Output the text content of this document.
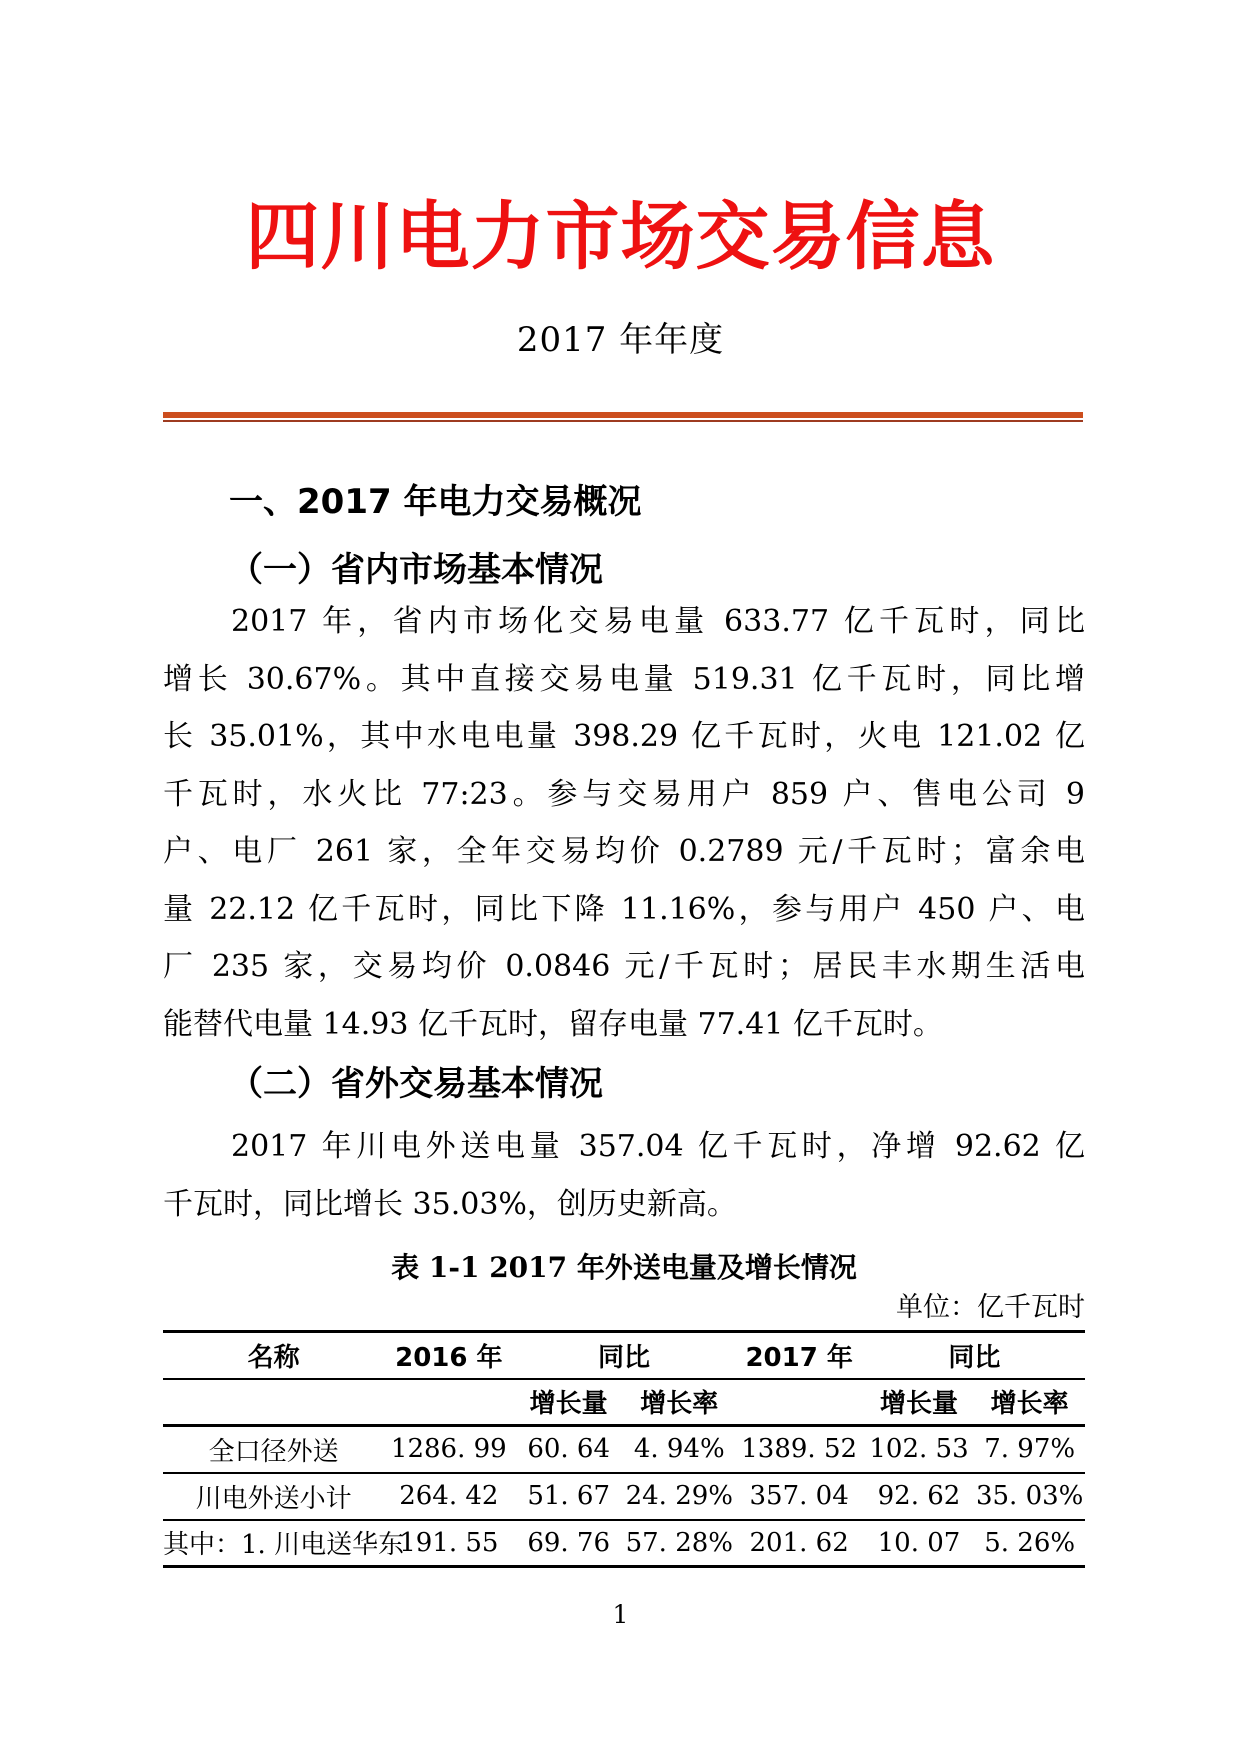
四川电力市场交易信息
2017 年年度
一、2017 年电力交易概况
（一）省内市场基本情况
2017 年，省内市场化交易电量 633.77 亿千瓦时，同比
增长 30.67%。其中直接交易电量 519.31 亿千瓦时，同比增
长 35.01%，其中水电电量 398.29 亿千瓦时，火电 121.02 亿
千瓦时，水火比 77:23。参与交易用户 859 户、售电公司 9
户、电厂 261 家，全年交易均价 0.2789 元/千瓦时；富余电
量 22.12 亿千瓦时，同比下降 11.16%，参与用户 450 户、电
厂 235 家，交易均价 0.0846 元/千瓦时；居民丰水期生活电
能替代电量 14.93 亿千瓦时，留存电量 77.41 亿千瓦时。
（二）省外交易基本情况
2017 年川电外送电量 357.04 亿千瓦时，净增 92.62 亿
千瓦时，同比增长 35.03%，创历史新高。
表 1-1 2017 年外送电量及增长情况
单位：亿千瓦时
名称	2016 年	同比		2017 年	同比	
		增长量	增长率		增长量	增长率
全口径外送	1286. 99	60. 64	4. 94%	1389. 52	102. 53	7. 97%
川电外送小计	264. 42	51. 67	24. 29%	357. 04	92. 62	35. 03%
其中：1. 川电送华东	191. 55	69. 76	57. 28%	201. 62	10. 07	5. 26%
1
